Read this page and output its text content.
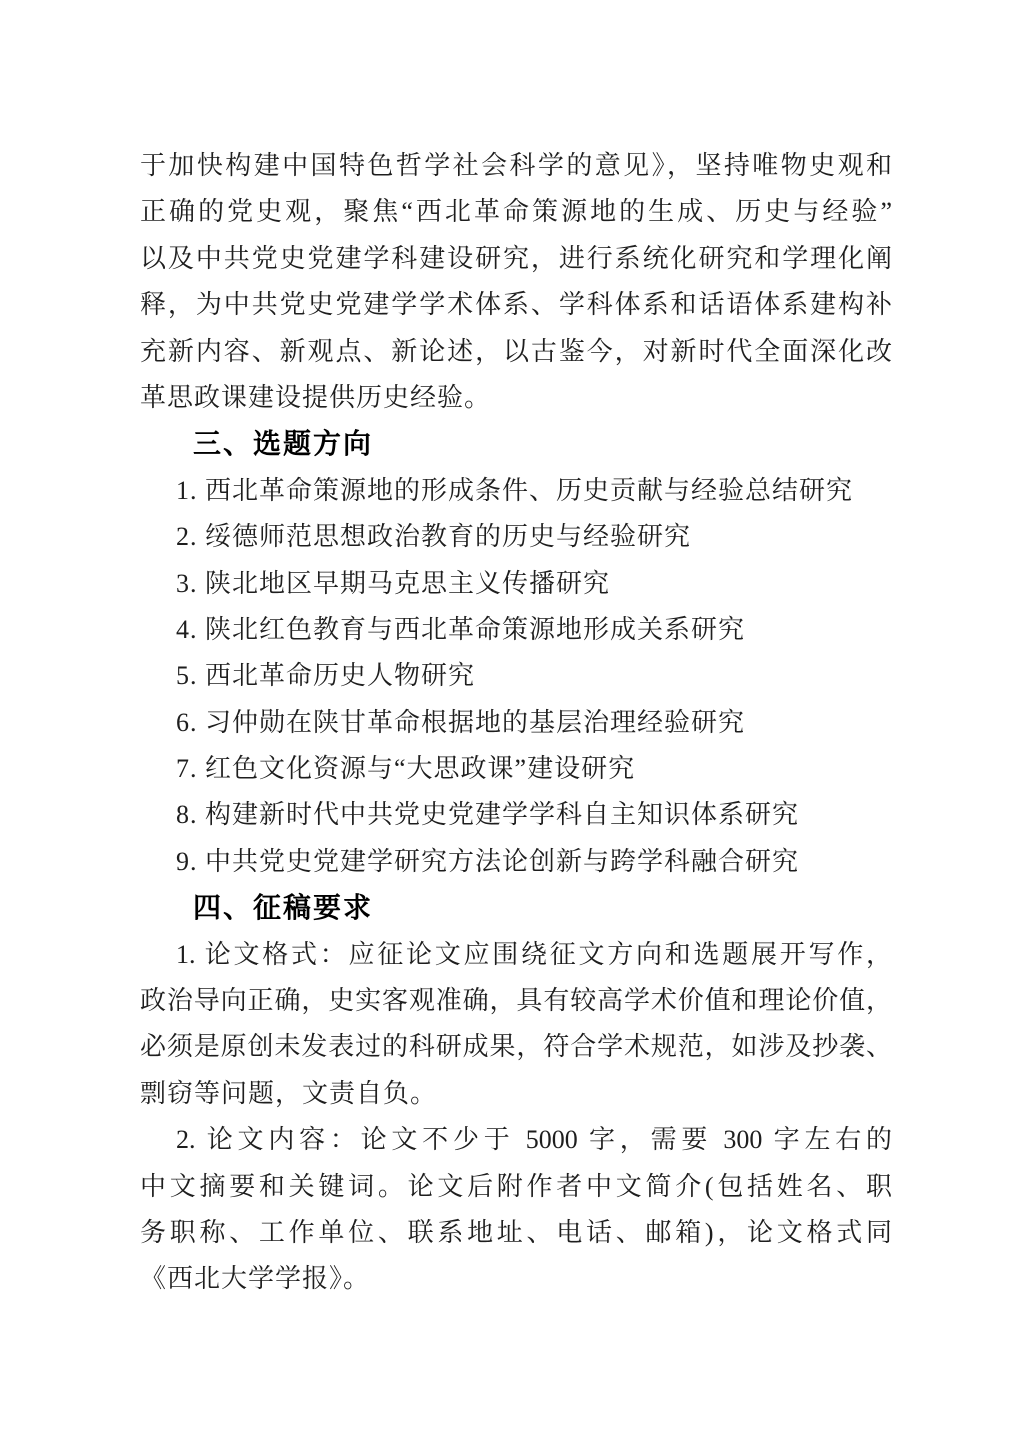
于加快构建中国特色哲学社会科学的意见》，坚持唯物史观和
正确的党史观，聚焦“西北革命策源地的生成、历史与经验”
以及中共党史党建学科建设研究，进行系统化研究和学理化阐
释，为中共党史党建学学术体系、学科体系和话语体系建构补
充新内容、新观点、新论述，以古鉴今，对新时代全面深化改
革思政课建设提供历史经验。
三、选题方向
1. 西北革命策源地的形成条件、历史贡献与经验总结研究
2. 绥德师范思想政治教育的历史与经验研究
3. 陕北地区早期马克思主义传播研究
4. 陕北红色教育与西北革命策源地形成关系研究
5. 西北革命历史人物研究
6. 习仲勋在陕甘革命根据地的基层治理经验研究
7. 红色文化资源与“大思政课”建设研究
8. 构建新时代中共党史党建学学科自主知识体系研究
9. 中共党史党建学研究方法论创新与跨学科融合研究
四、征稿要求
1. 论文格式：应征论文应围绕征文方向和选题展开写作，
政治导向正确，史实客观准确，具有较高学术价值和理论价值，
必须是原创未发表过的科研成果，符合学术规范，如涉及抄袭、
剽窃等问题，文责自负。
2. 论文内容：论文不少于 5000 字，需要 300 字左右的
中文摘要和关键词。论文后附作者中文简介(包括姓名、职
务职称、工作单位、联系地址、电话、邮箱)，论文格式同
《西北大学学报》。
